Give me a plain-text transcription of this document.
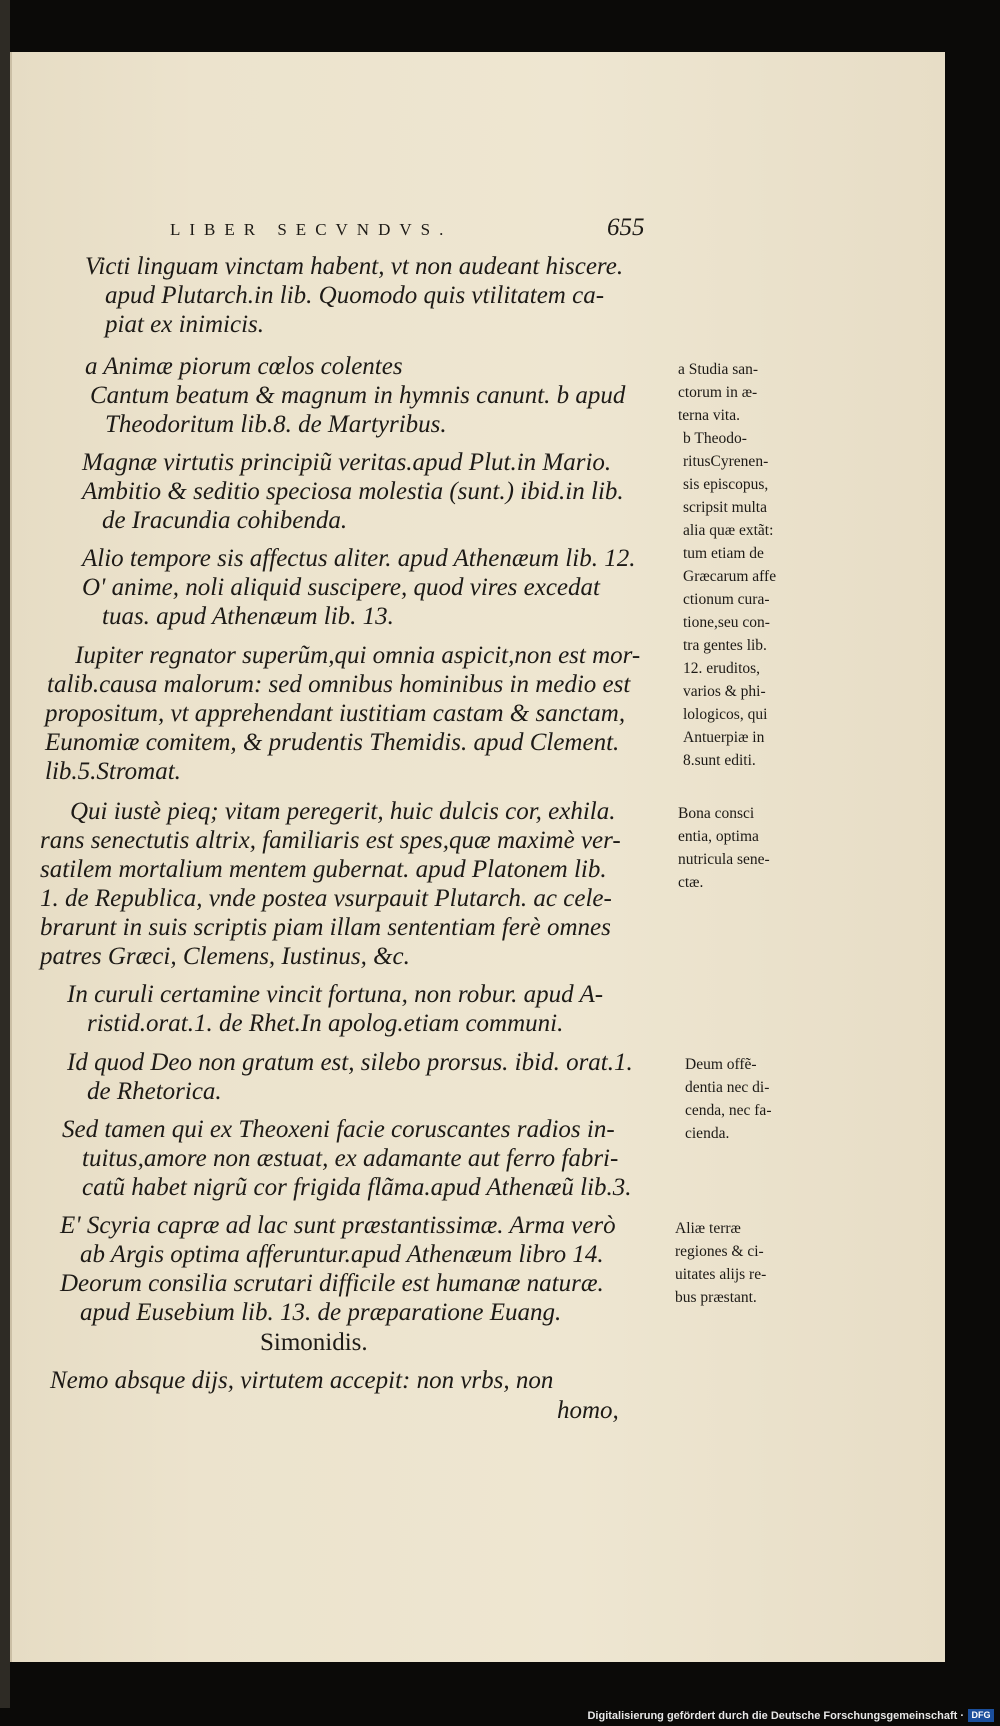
LIBER SECVNDVS.	655
Victi linguam vinctam habent, vt non audeant hiscere.
apud Plutarch.in lib. Quomodo quis vtilitatem ca-
piat ex inimicis.
a Animæ piorum cœlos colentes
Cantum beatum & magnum in hymnis canunt. b apud
Theodoritum lib.8. de Martyribus.
Magnæ virtutis principiũ veritas.apud Plut.in Mario.
Ambitio & seditio speciosa molestia (sunt.) ibid.in lib.
de Iracundia cohibenda.
Alio tempore sis affectus aliter. apud Athenæum lib. 12.
O' anime, noli aliquid suscipere, quod vires excedat
tuas. apud Athenæum lib. 13.
Iupiter regnator superũm,qui omnia aspicit,non est mor-
talib.causa malorum: sed omnibus hominibus in medio est
propositum, vt apprehendant iustitiam castam & sanctam,
Eunomiæ comitem, & prudentis Themidis. apud Clement.
lib.5.Stromat.
Qui iustè pieq; vitam peregerit, huic dulcis cor, exhila.
rans senectutis altrix, familiaris est spes,quæ maximè ver-
satilem mortalium mentem gubernat. apud Platonem lib.
1. de Republica, vnde postea vsurpauit Plutarch. ac cele-
brarunt in suis scriptis piam illam sententiam ferè omnes
patres Græci, Clemens, Iustinus, &c.
In curuli certamine vincit fortuna, non robur. apud A-
ristid.orat.1. de Rhet.In apolog.etiam communi.
Id quod Deo non gratum est, silebo prorsus. ibid. orat.1.
de Rhetorica.
Sed tamen qui ex Theoxeni facie coruscantes radios in-
tuitus,amore non æstuat, ex adamante aut ferro fabri-
catũ habet nigrũ cor frigida flãma.apud Athenæũ lib.3.
E' Scyria capræ ad lac sunt præstantissimæ. Arma verò
ab Argis optima afferuntur.apud Athenæum libro 14.
Deorum consilia scrutari difficile est humanæ naturæ.
apud Eusebium lib. 13. de præparatione Euang.
Simonidis.
Nemo absque dijs, virtutem accepit: non vrbs, non
homo,
a Studia san-
ctorum in æ-
terna vita.
b Theodo-
ritusCyrenen-
sis episcopus,
scripsit multa
alia quæ extãt:
tum etiam de
Græcarum affe
ctionum cura-
tione,seu con-
tra gentes lib.
12. eruditos,
varios & phi-
lologicos, qui
Antuerpiæ in
8.sunt editi.
Bona consci
entia, optima
nutricula sene-
ctæ.
Deum offẽ-
dentia nec di-
cenda, nec fa-
cienda.
Aliæ terræ
regiones & ci-
uitates alijs re-
bus præstant.
Digitalisierung gefördert durch die Deutsche Forschungsgemeinschaft · DFG
